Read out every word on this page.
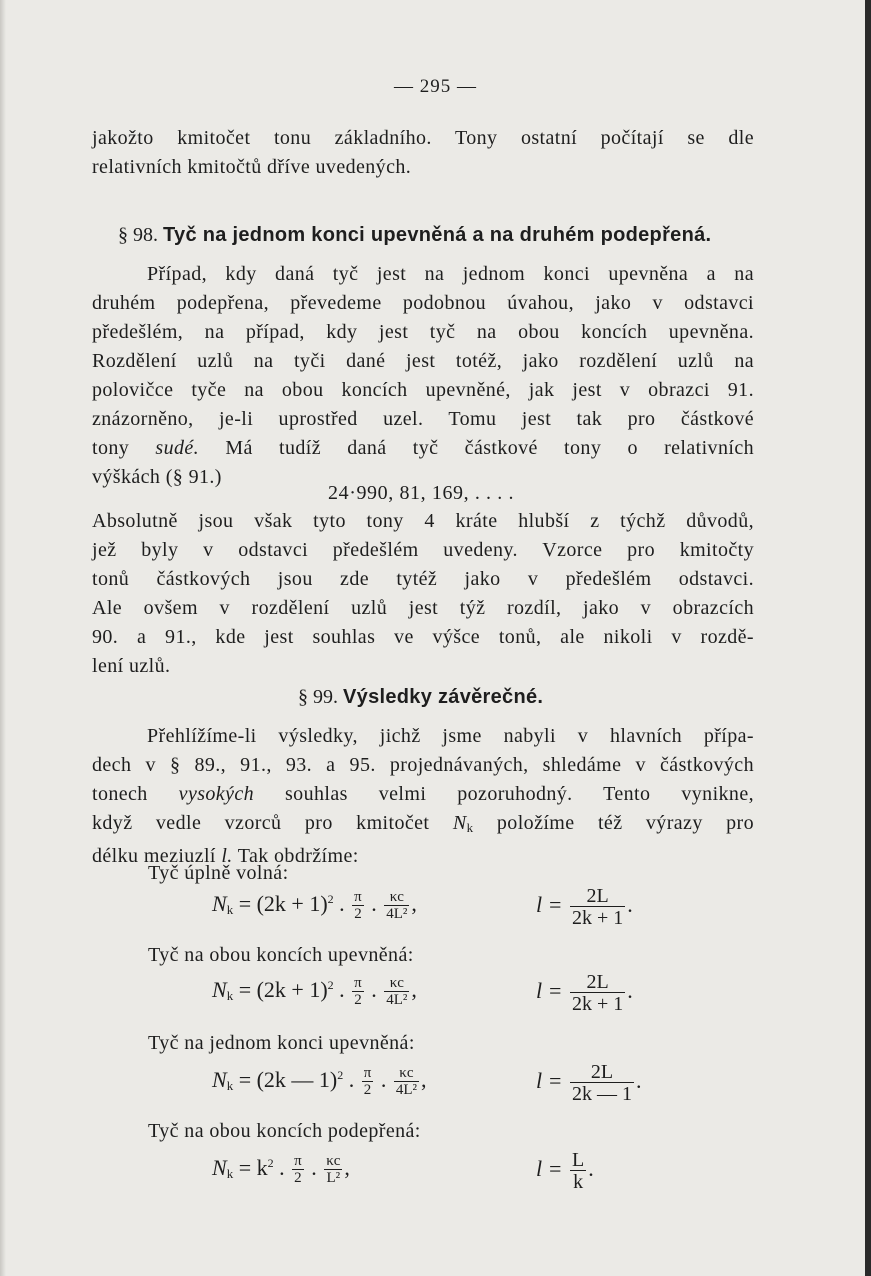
— 295 —
jakožto kmitočet tonu základního. Tony ostatní počítají se dle
relativních kmitočtů dříve uvedených.
§ 98. Tyč na jednom konci upevněná a na druhém podepřená.
Případ, kdy daná tyč jest na jednom konci upevněna a na
druhém podepřena, převedeme podobnou úvahou, jako v odstavci
předešlém, na případ, kdy jest tyč na obou koncích upevněna.
Rozdělení uzlů na tyči dané jest totéž, jako rozdělení uzlů na
polovičce tyče na obou koncích upevněné, jak jest v obrazci 91.
znázorněno, je-li uprostřed uzel. Tomu jest tak pro částkové
tony sudé. Má tudíž daná tyč částkové tony o relativních
výškách (§ 91.)
24·990, 81, 169, . . . .
Absolutně jsou však tyto tony 4 kráte hlubší z týchž důvodů,
jež byly v odstavci předešlém uvedeny. Vzorce pro kmitočty
tonů částkových jsou zde tytéž jako v předešlém odstavci.
Ale ovšem v rozdělení uzlů jest týž rozdíl, jako v obrazcích
90. a 91., kde jest souhlas ve výšce tonů, ale nikoli v rozdě-
lení uzlů.
§ 99. Výsledky závěrečné.
Přehlížíme-li výsledky, jichž jsme nabyli v hlavních přípa-
dech v § 89., 91., 93. a 95. projednávaných, shledáme v částkových
tonech vysokých souhlas velmi pozoruhodný. Tento vynikne,
když vedle vzorců pro kmitočet $N_k$ položíme též výrazy pro
délku meziuzlí l. Tak obdržíme:
Tyč úplně volná:
$N_k = (2k + 1)^2$ . $\frac{\pi}{2}$ . $\frac{\kappa c}{\text{4L²}}$ ,	$l = \frac{2L}{2k + 1}$ .
Tyč na obou koncích upevněná:
$N_k = (2k + 1)^2$ . $\frac{\pi}{2}$ . $\frac{\kappa c}{\text{4L²}}$ ,	$l = \frac{2L}{2k + 1}$ .
Tyč na jednom konci upevněná:
$N_k = (2k$ — 1)$^2$ . $\frac{\pi}{2}$ . $\frac{\kappa c}{\text{4L²}}$ ,	$l = \frac{2L}{2k — 1}$ .
Tyč na obou koncích podepřená:
$N_k = k^2$ . $\frac{\pi}{2}$ . $\frac{\kappa c}{\text{L²}}$ ,	$l = \frac{L}{k}$ .
